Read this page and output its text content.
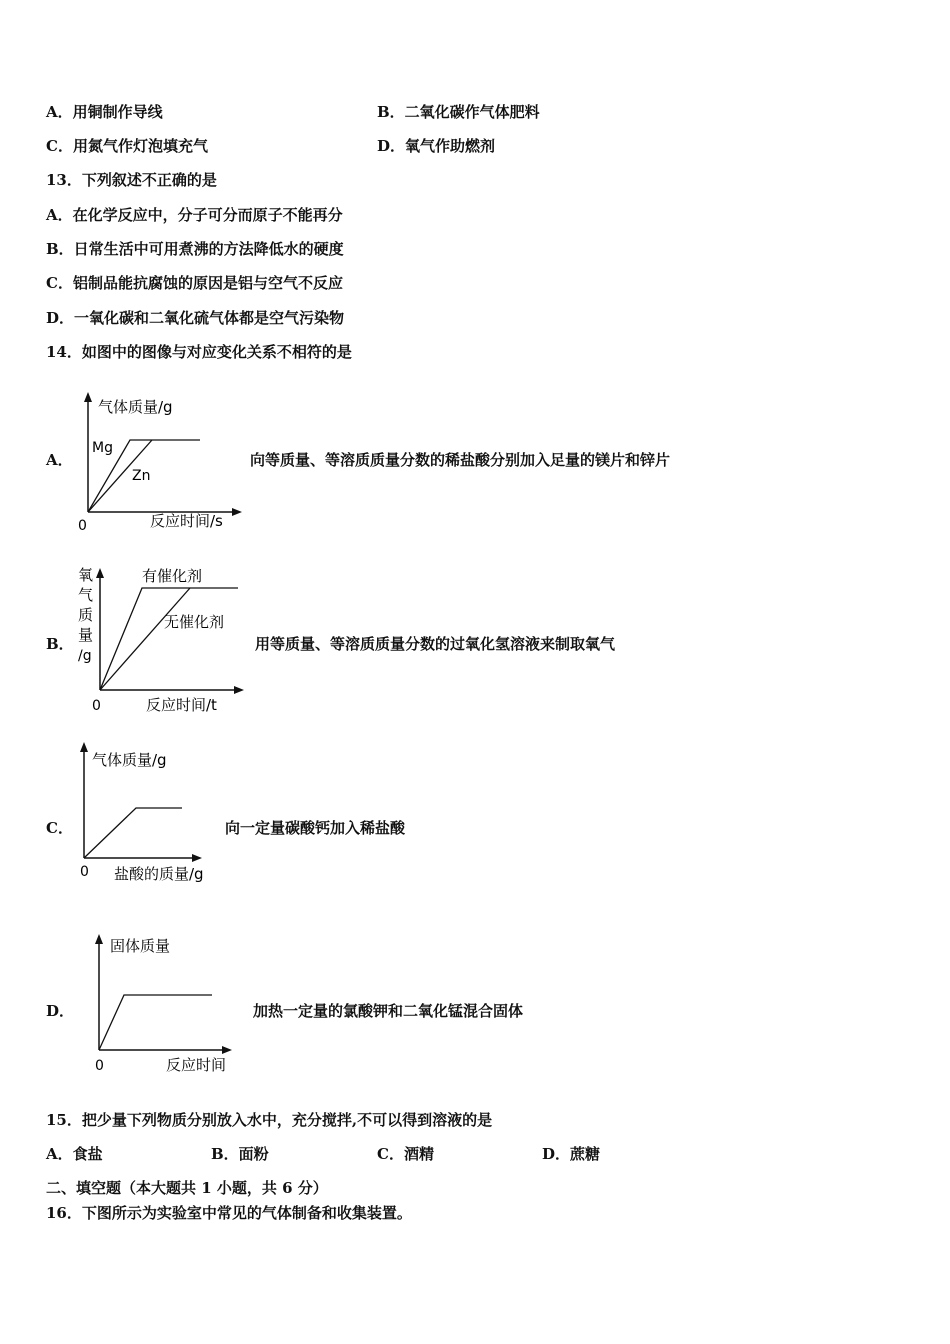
A．用铜制作导线	B．二氧化碳作气体肥料
C．用氮气作灯泡填充气	D．氧气作助燃剂
13．下列叙述不正确的是
A．在化学反应中，分子可分而原子不能再分
B．日常生活中可用煮沸的方法降低水的硬度
C．铝制品能抗腐蚀的原因是铝与空气不反应
D．一氧化碳和二氧化硫气体都是空气污染物
14．如图中的图像与对应变化关系不相符的是
A．
气体质量/g
Mg
Zn
0	反应时间/s
向等质量、等溶质质量分数的稀盐酸分别加入足量的镁片和锌片
B．
氧
气
质
量
/g
有催化剂
无催化剂
0	反应时间/t
用等质量、等溶质质量分数的过氧化氢溶液来制取氧气
C．
气体质量/g
0 盐酸的质量/g
向一定量碳酸钙加入稀盐酸
D．
固体质量
0	反应时间
加热一定量的氯酸钾和二氧化锰混合固体
15．把少量下列物质分别放入水中，充分搅拌,不可以得到溶液的是
A．食盐	B．面粉	C．酒精	D．蔗糖
二、填空题（本大题共 1 小题，共 6 分）
16．下图所示为实验室中常见的气体制备和收集装置。
